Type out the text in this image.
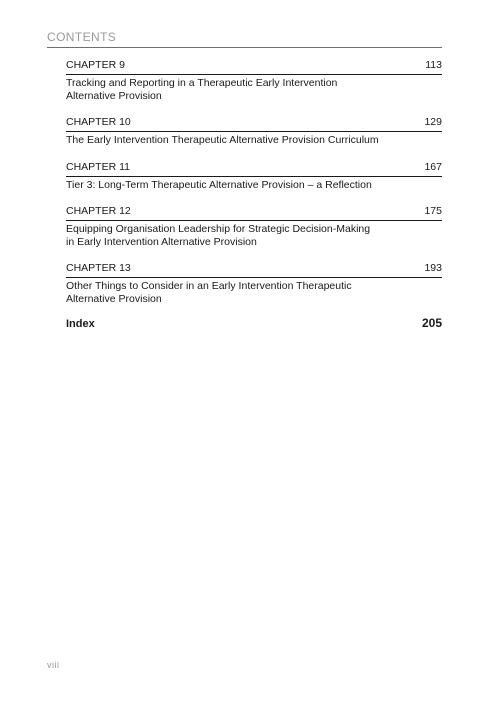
CONTENTS
CHAPTER 9	113
Tracking and Reporting in a Therapeutic Early Intervention
Alternative Provision
CHAPTER 10	129
The Early Intervention Therapeutic Alternative Provision Curriculum
CHAPTER 11	167
Tier 3: Long-Term Therapeutic Alternative Provision – a Reflection
CHAPTER 12	175
Equipping Organisation Leadership for Strategic Decision-Making
in Early Intervention Alternative Provision
CHAPTER 13	193
Other Things to Consider in an Early Intervention Therapeutic
Alternative Provision
Index	205
viii
